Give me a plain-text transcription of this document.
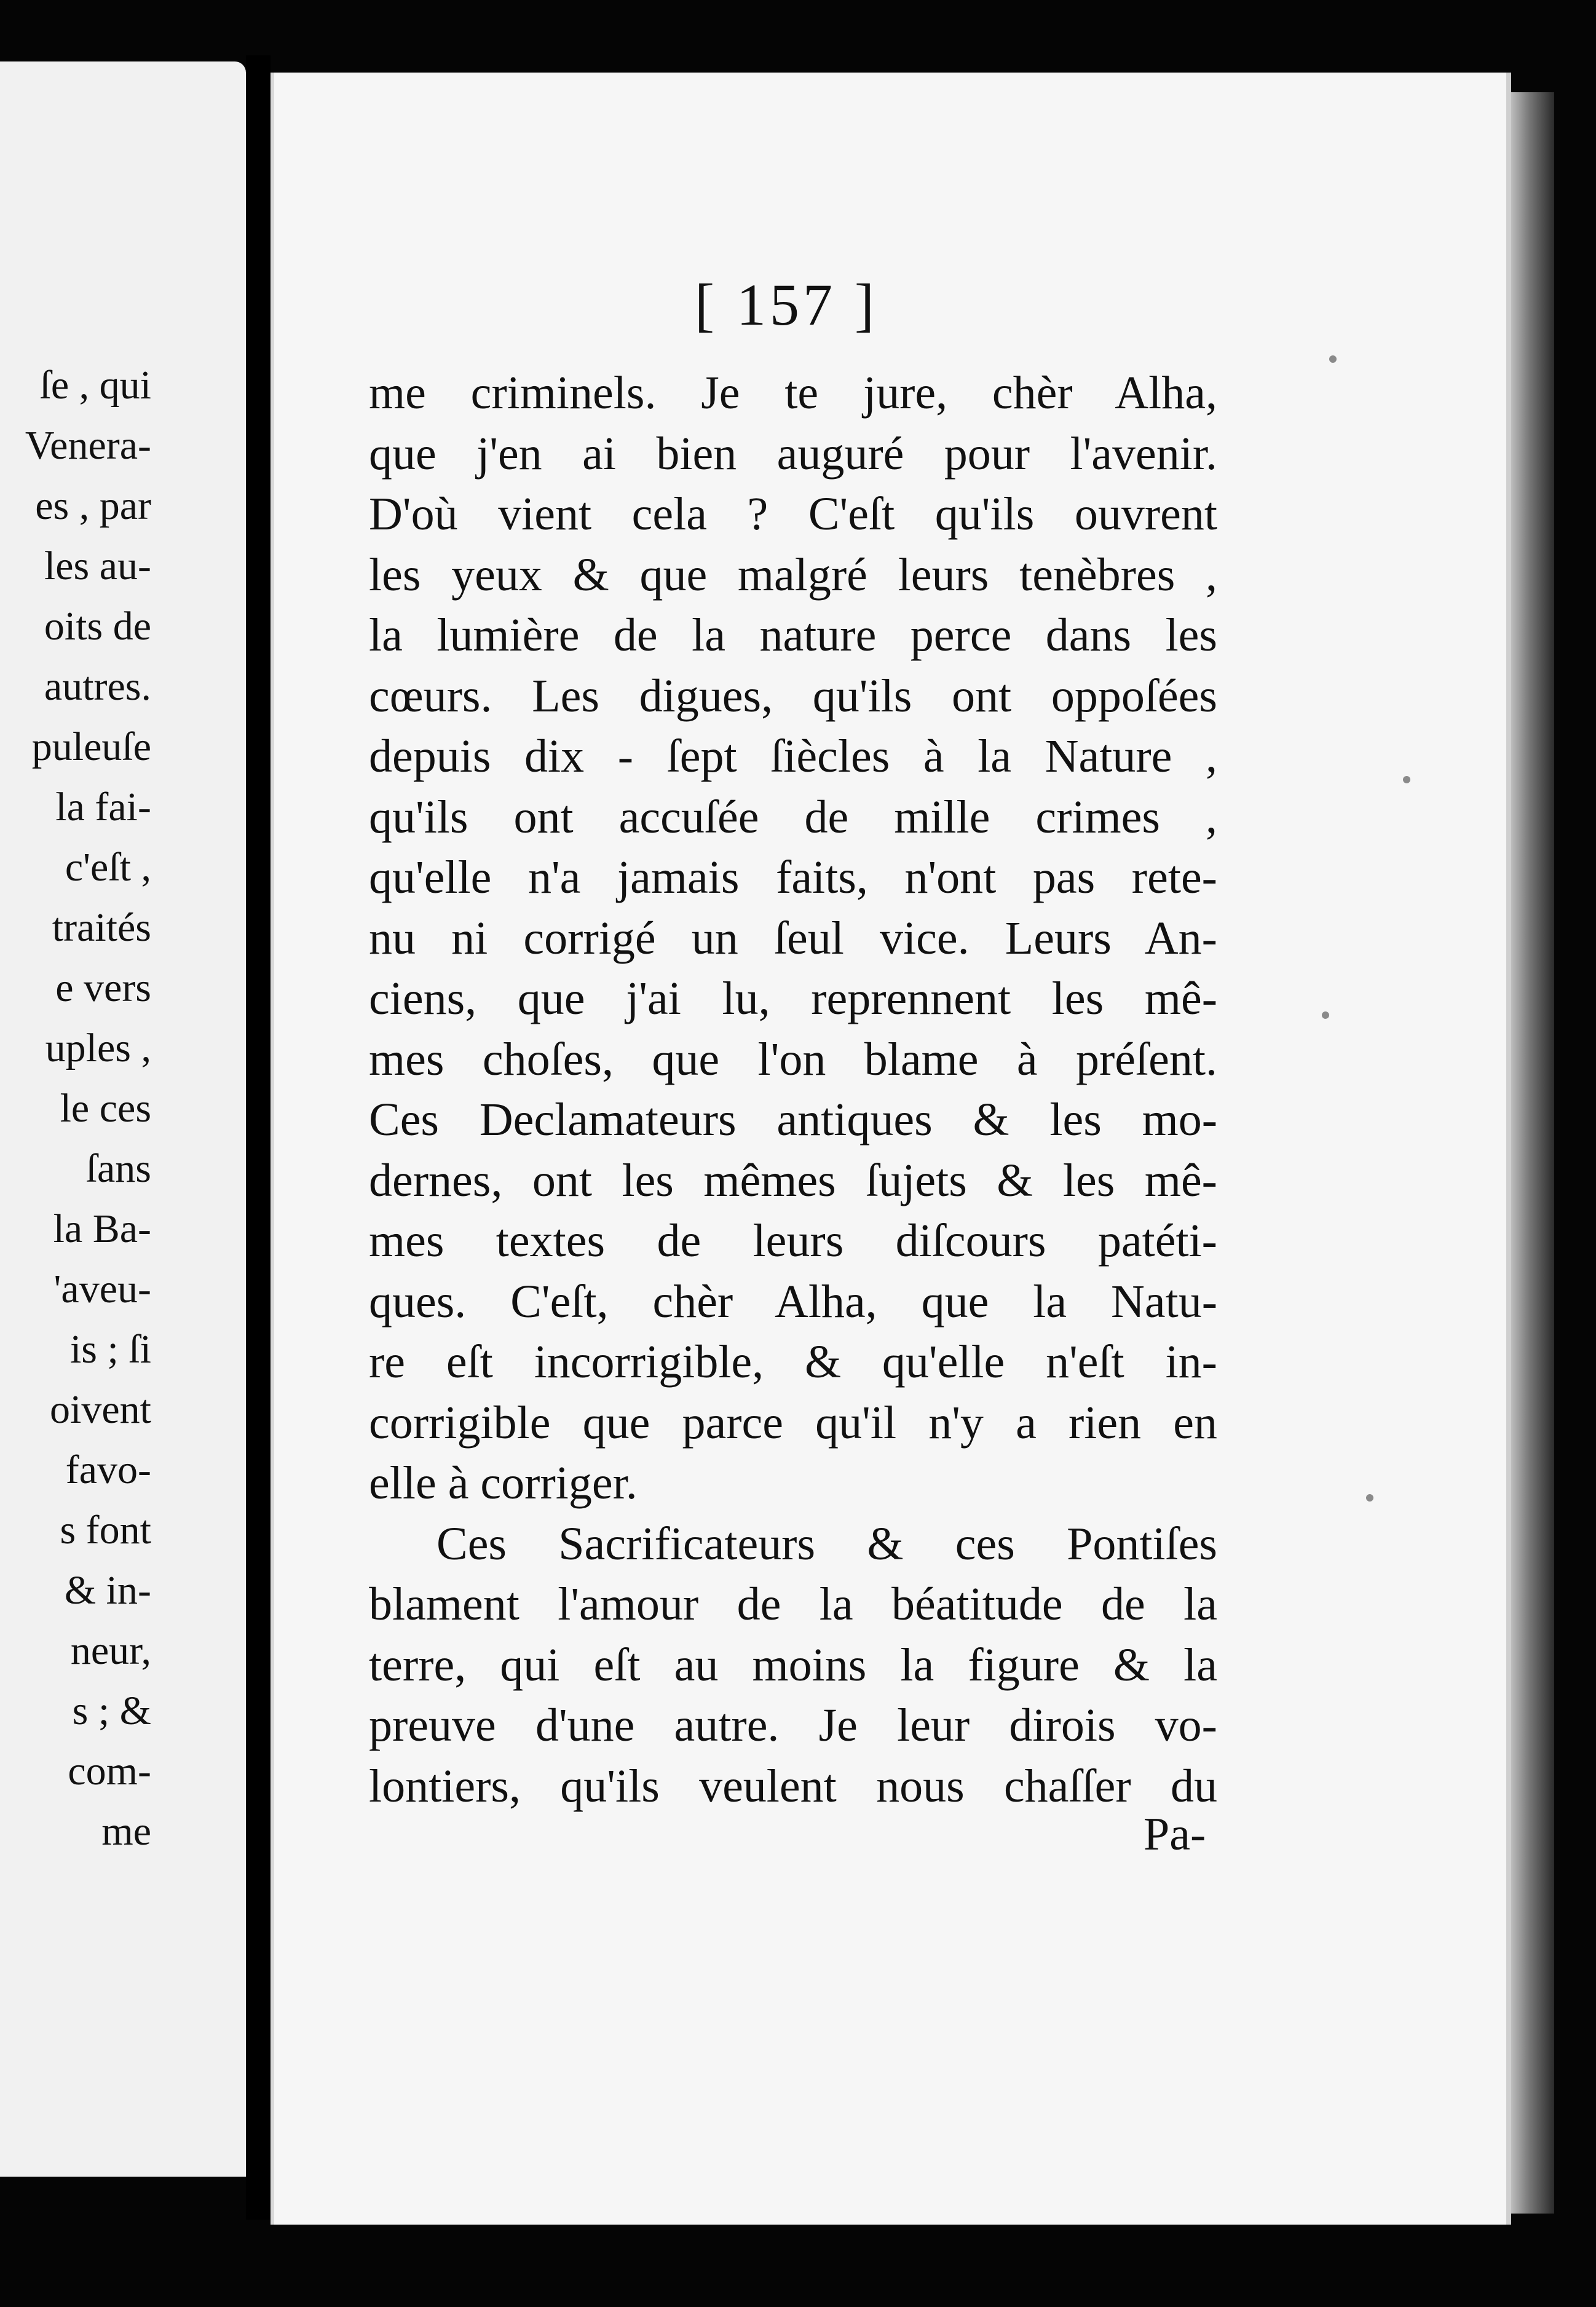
ſe , qui
Venera-
es , par
les au-
oits de
autres.
puleuſe
la fai-
c'eſt ,
traités
e vers
uples ,
le ces
ſans
la Ba-
'aveu-
is ; ſi
oivent
favo-
s font
& in-
neur,
s ; &
com-
me
[ 157 ]
me criminels. Je te jure, chèr Alha,
que j'en ai bien auguré pour l'avenir.
D'où vient cela ? C'eſt qu'ils ouvrent
les yeux & que malgré leurs tenèbres ,
la lumière de la nature perce dans les
cœurs. Les digues, qu'ils ont oppoſées
depuis dix - ſept ſiècles à la Nature ,
qu'ils ont accuſée de mille crimes ,
qu'elle n'a jamais faits, n'ont pas rete-
nu ni corrigé un ſeul vice. Leurs An-
ciens, que j'ai lu, reprennent les mê-
mes choſes, que l'on blame à préſent.
Ces Declamateurs antiques & les mo-
dernes, ont les mêmes ſujets & les mê-
mes textes de leurs diſcours patéti-
ques. C'eſt, chèr Alha, que la Natu-
re eſt incorrigible, & qu'elle n'eſt in-
corrigible que parce qu'il n'y a rien en
elle à corriger.
Ces Sacrificateurs & ces Pontiſes
blament l'amour de la béatitude de la
terre, qui eſt au moins la figure & la
preuve d'une autre. Je leur dirois vo-
lontiers, qu'ils veulent nous chaſſer du
Pa-
